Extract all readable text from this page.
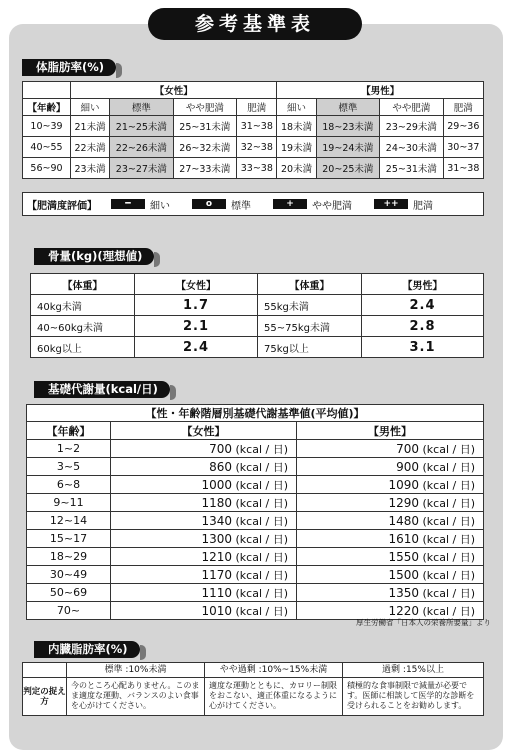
参考基準表
体脂肪率(%)
	【女性】				【男性】			
【年齢】	細い	標準	やや肥満	肥満	細い	標準	やや肥満	肥満
10~39	21未満	21~25未満	25~31未満	31~38	18未満	18~23未満	23~29未満	29~36
40~55	22未満	22~26未満	26~32未満	32~38	19未満	19~24未満	24~30未満	30~37
56~90	23未満	23~27未満	27~33未満	33~38	20未満	20~25未満	25~31未満	31~38
【肥満度評価】	━	細い	o	標準	+	やや肥満	++	肥満
骨量(kg)(理想値)
【体重】	【女性】	【体重】	【男性】
40kg未満	1.7	55kg未満	2.4
40~60kg未満	2.1	55~75kg未満	2.8
60kg以上	2.4	75kg以上	3.1
基礎代謝量(kcal/日)
【性・年齢階層別基礎代謝基準値(平均値)】		
【年齢】	【女性】	【男性】
1~2	700 (kcal / 日)	700 (kcal / 日)
3~5	860 (kcal / 日)	900 (kcal / 日)
6~8	1000 (kcal / 日)	1090 (kcal / 日)
9~11	1180 (kcal / 日)	1290 (kcal / 日)
12~14	1340 (kcal / 日)	1480 (kcal / 日)
15~17	1300 (kcal / 日)	1610 (kcal / 日)
18~29	1210 (kcal / 日)	1550 (kcal / 日)
30~49	1170 (kcal / 日)	1500 (kcal / 日)
50~69	1110 (kcal / 日)	1350 (kcal / 日)
70~	1010 (kcal / 日)	1220 (kcal / 日)
厚生労働省「日本人の栄養所要量」より
内臓脂肪率(%)
	標準 :10%未満	やや過剰 :10%~15%未満	過剰 :15%以上
判定の捉え方	今のところ心配ありません。このまま適度な運動、バランスのよい食事を心がけてください。	適度な運動とともに、カロリー制限をおこない、適正体重になるように心がけてください。	積極的な食事制限で減量が必要です。医師に相談して医学的な診断を受けられることをお勧めします。
